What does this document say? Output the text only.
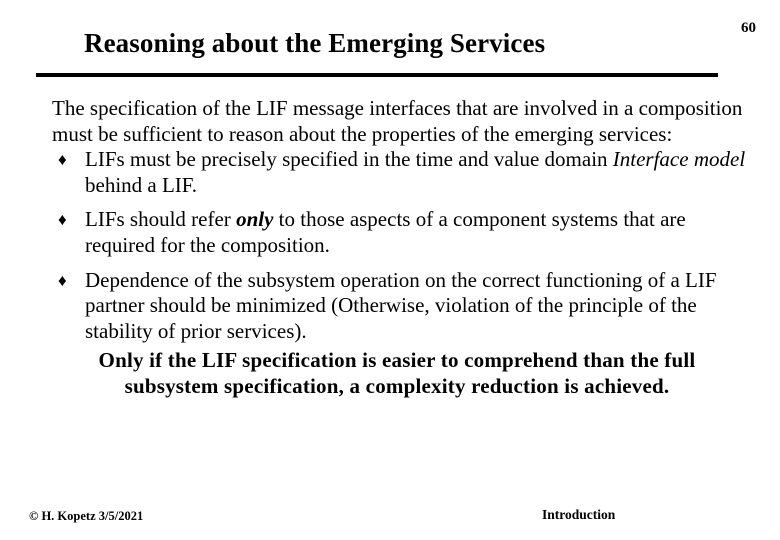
60
Reasoning about the Emerging Services

The specification of the LIF message interfaces that are involved in a composition must be sufficient to reason about the properties of the emerging services:

♦ LIFs must be precisely specified in the time and value domain Interface model behind a LIF.
♦ LIFs should refer only to those aspects of a component systems that are required for the composition.
♦ Dependence of the subsystem operation on the correct functioning of a LIF partner should be minimized (Otherwise, violation of the principle of the stability of prior services).

Only if the LIF specification is easier to comprehend than the full subsystem specification, a complexity reduction is achieved.

© H. Kopetz 3/5/2021	Introduction
